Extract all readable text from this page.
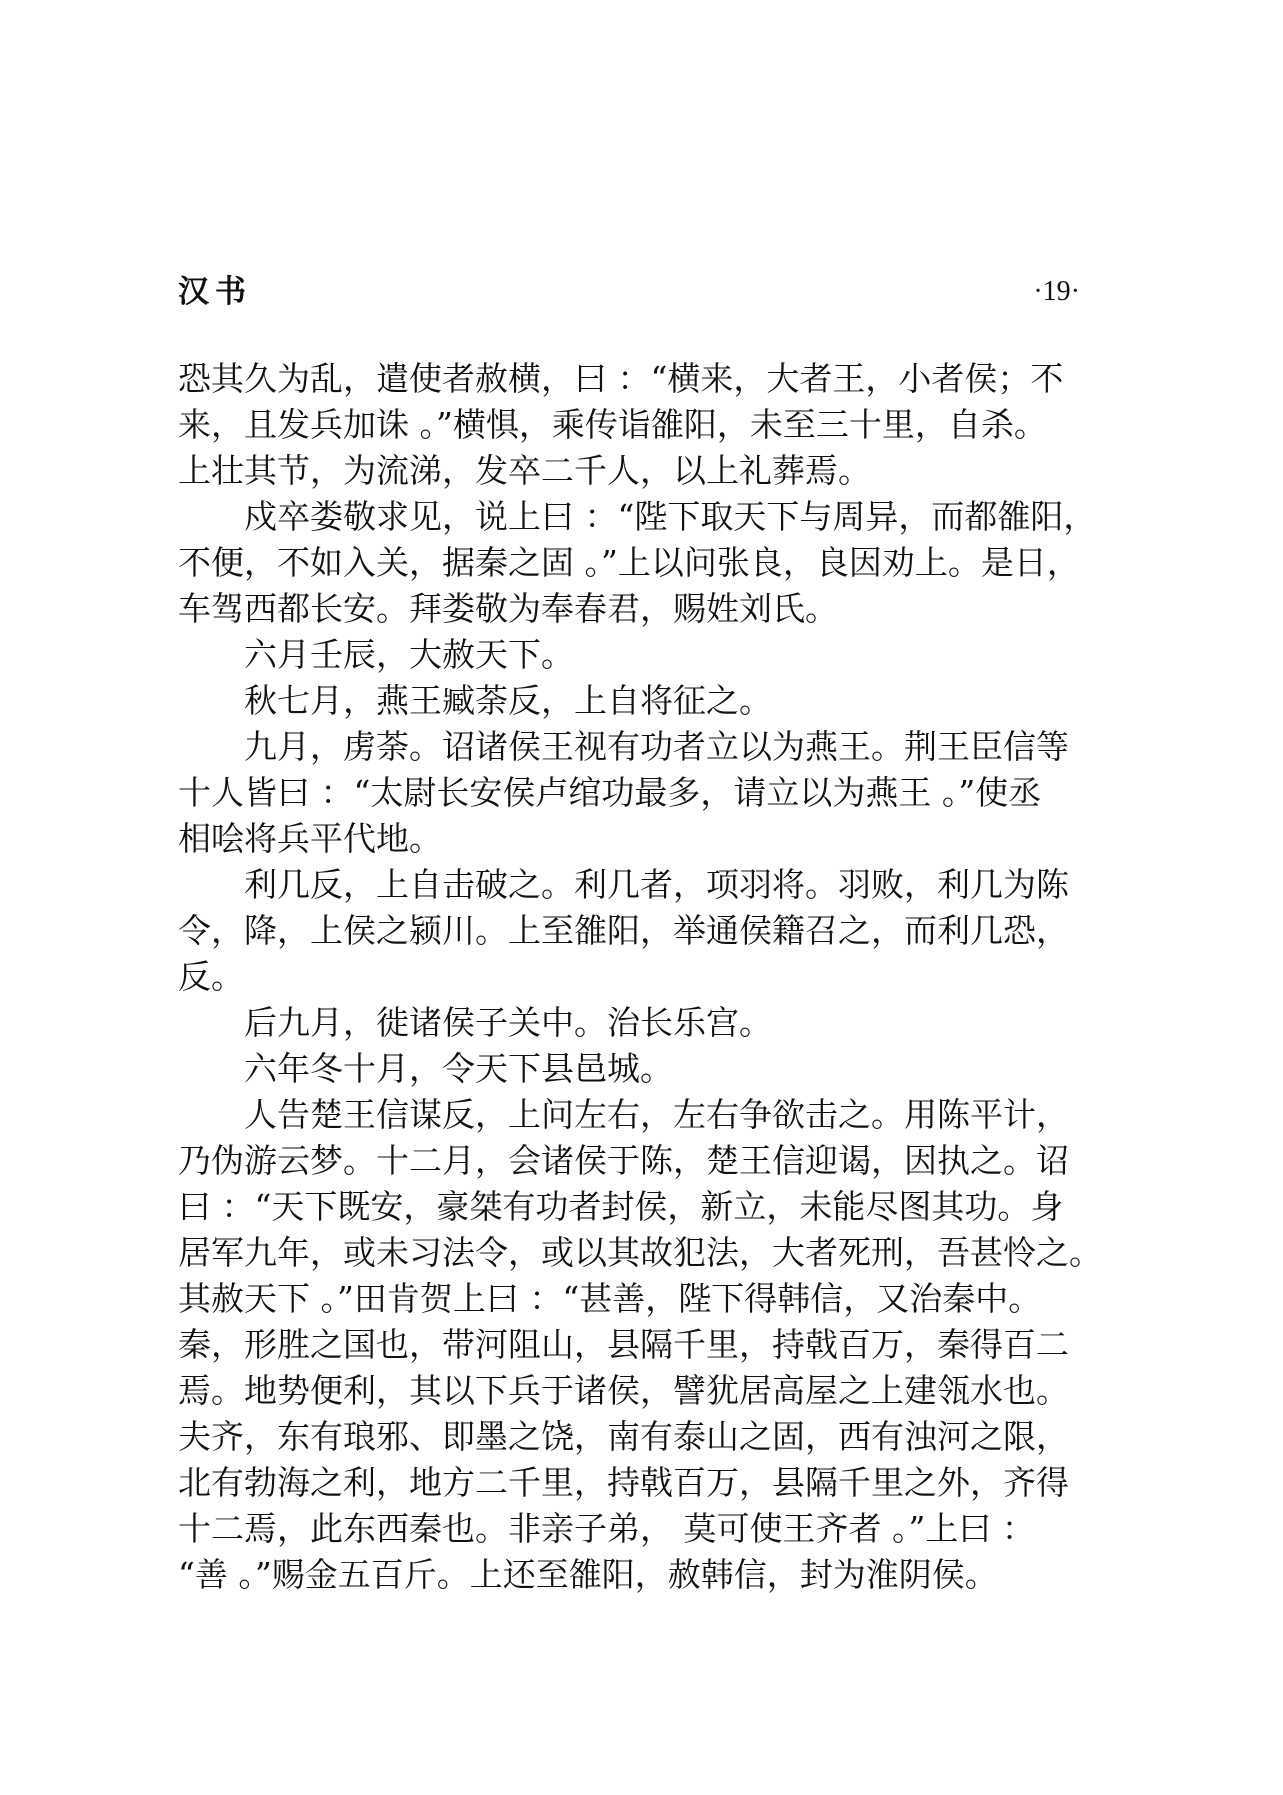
汉书	·19·
恐其久为乱，遣使者赦横，曰 ：“横来，大者王，小者侯；不
来，且发兵加诛 。”横惧，乘传诣雒阳，未至三十里，自杀。
上壮其节，为流涕，发卒二千人，以上礼葬焉。
戍卒娄敬求见，说上曰 ：“陛下取天下与周异，而都雒阳，
不便，不如入关，据秦之固 。”上以问张良，良因劝上。是日，
车驾西都长安。拜娄敬为奉春君，赐姓刘氏。
六月壬辰，大赦天下。
秋七月，燕王臧荼反，上自将征之。
九月，虏荼。诏诸侯王视有功者立以为燕王。荆王臣信等
十人皆曰 ：“太尉长安侯卢绾功最多，请立以为燕王 。”使丞
相哙将兵平代地。
利几反，上自击破之。利几者，项羽将。羽败，利几为陈
令，降，上侯之颍川。上至雒阳，举通侯籍召之，而利几恐，
反。
后九月，徙诸侯子关中。治长乐宫。
六年冬十月，令天下县邑城。
人告楚王信谋反，上问左右，左右争欲击之。用陈平计，
乃伪游云梦。十二月，会诸侯于陈，楚王信迎谒，因执之。诏
曰 ：“天下既安，豪桀有功者封侯，新立，未能尽图其功。身
居军九年，或未习法令，或以其故犯法，大者死刑，吾甚怜之。
其赦天下 。”田肯贺上曰 ：“甚善，陛下得韩信，又治秦中。
秦，形胜之国也，带河阻山，县隔千里，持戟百万，秦得百二
焉。地势便利，其以下兵于诸侯，譬犹居高屋之上建瓴水也。
夫齐，东有琅邪、即墨之饶，南有泰山之固，西有浊河之限，
北有勃海之利，地方二千里，持戟百万，县隔千里之外，齐得
十二焉，此东西秦也。非亲子弟， 莫可使王齐者 。”上曰 ：
“善 。”赐金五百斤。上还至雒阳，赦韩信，封为淮阴侯。
